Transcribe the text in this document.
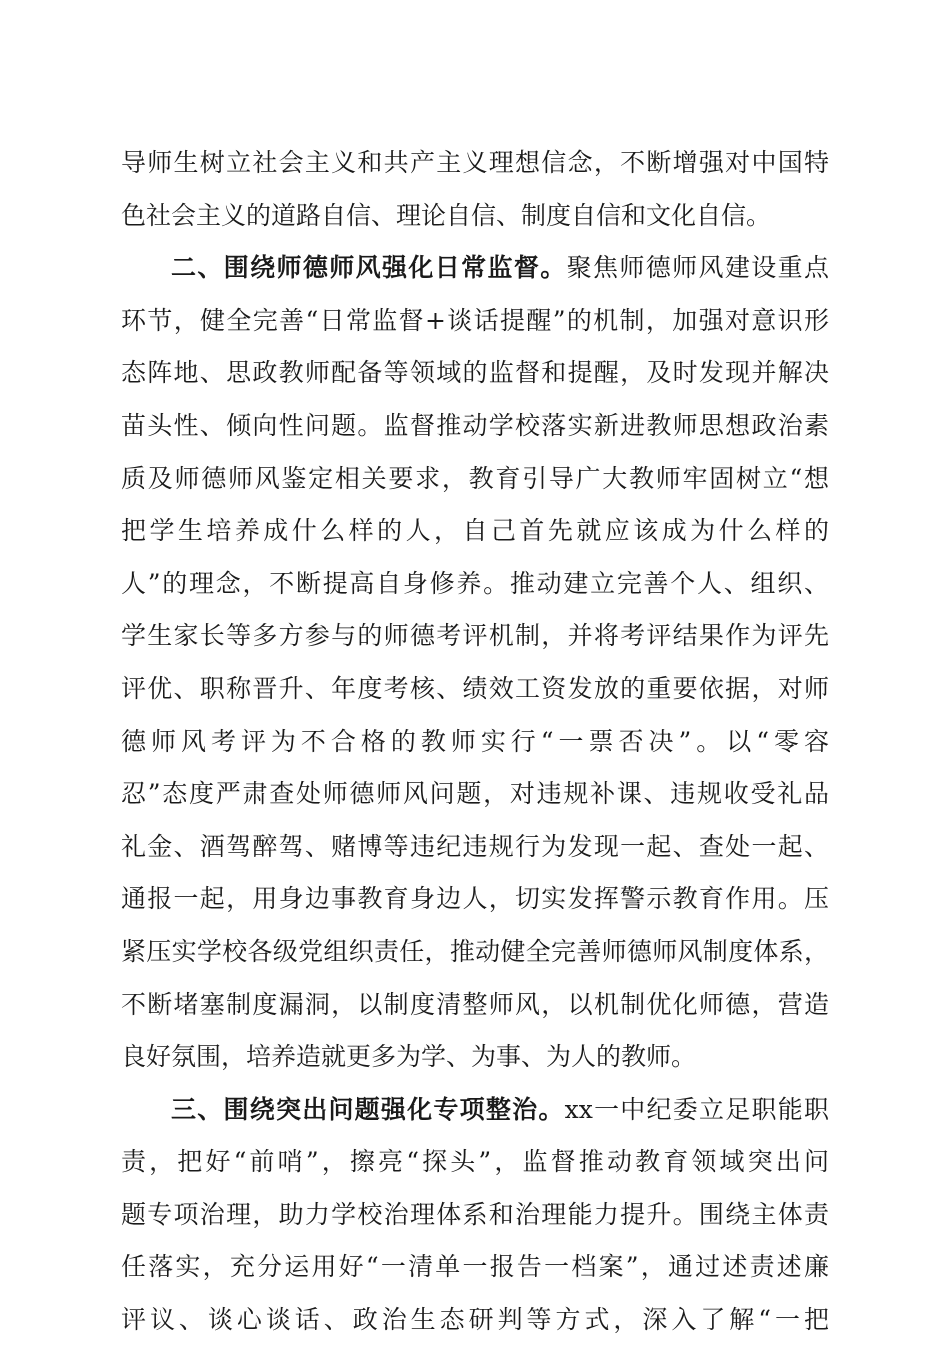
导师生树立社会主义和共产主义理想信念，不断增强对中国特
色社会主义的道路自信、理论自信、制度自信和文化自信。
二、围绕师德师风强化日常监督。聚焦师德师风建设重点
环节，健全完善“日常监督+谈话提醒”的机制，加强对意识形
态阵地、思政教师配备等领域的监督和提醒，及时发现并解决
苗头性、倾向性问题。监督推动学校落实新进教师思想政治素
质及师德师风鉴定相关要求，教育引导广大教师牢固树立“想
把学生培养成什么样的人，自己首先就应该成为什么样的
人”的理念，不断提高自身修养。推动建立完善个人、组织、
学生家长等多方参与的师德考评机制，并将考评结果作为评先
评优、职称晋升、年度考核、绩效工资发放的重要依据，对师
德师风考评为不合格的教师实行“一票否决”。以“零容
忍”态度严肃查处师德师风问题，对违规补课、违规收受礼品
礼金、酒驾醉驾、赌博等违纪违规行为发现一起、查处一起、
通报一起，用身边事教育身边人，切实发挥警示教育作用。压
紧压实学校各级党组织责任，推动健全完善师德师风制度体系，
不断堵塞制度漏洞，以制度清整师风，以机制优化师德，营造
良好氛围，培养造就更多为学、为事、为人的教师。
三、围绕突出问题强化专项整治。xx一中纪委立足职能职
责，把好“前哨”，擦亮“探头”，监督推动教育领域突出问
题专项治理，助力学校治理体系和治理能力提升。围绕主体责
任落实，充分运用好“一清单一报告一档案”，通过述责述廉
评议、谈心谈话、政治生态研判等方式，深入了解“一把
